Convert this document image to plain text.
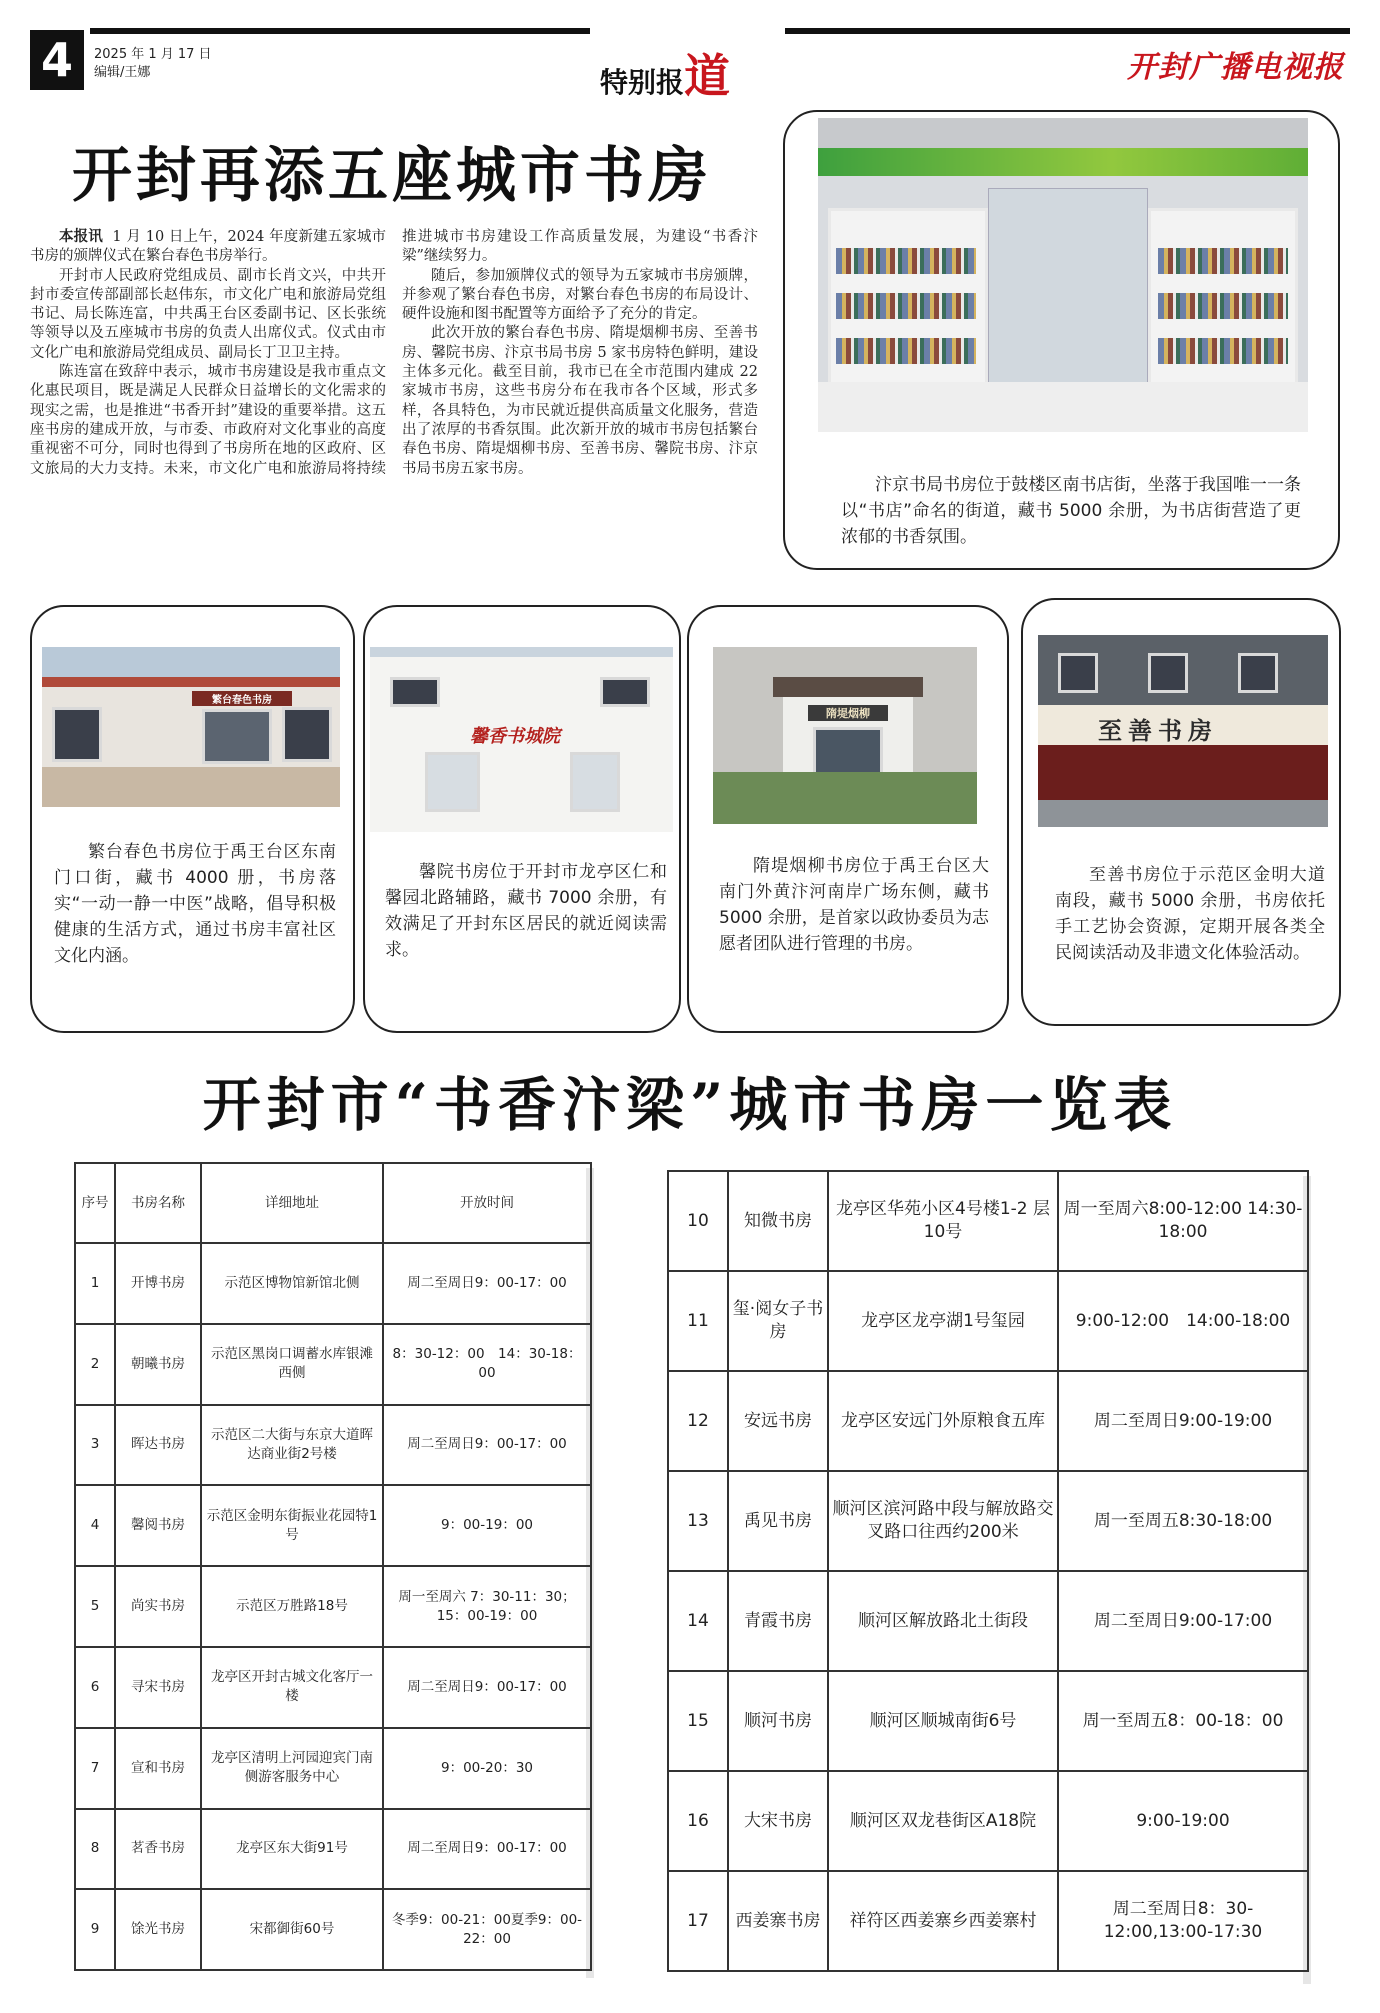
4	2025 年 1 月 17 日
编辑/王娜	特别报道	开封广播电视报
开封再添五座城市书房

本报讯 1 月 10 日上午，2024 年度新建五家城市书房的颁牌仪式在繁台春色书房举行。

开封市人民政府党组成员、副市长肖文兴，中共开封市委宣传部副部长赵伟东，市文化广电和旅游局党组书记、局长陈连富，中共禹王台区委副书记、区长张统等领导以及五座城市书房的负责人出席仪式。仪式由市文化广电和旅游局党组成员、副局长丁卫卫主持。

陈连富在致辞中表示，城市书房建设是我市重点文化惠民项目，既是满足人民群众日益增长的文化需求的现实之需，也是推进“书香开封”建设的重要举措。这五座书房的建成开放，与市委、市政府对文化事业的高度重视密不可分，同时也得到了书房所在地的区政府、区文旅局的大力支持。未来，市文化广电和旅游局将持续推进城市书房建设工作高质量发展，为建设“书香汴梁”继续努力。

随后，参加颁牌仪式的领导为五家城市书房颁牌，并参观了繁台春色书房，对繁台春色书房的布局设计、硬件设施和图书配置等方面给予了充分的肯定。

此次开放的繁台春色书房、隋堤烟柳书房、至善书房、馨院书房、汴京书局书房 5 家书房特色鲜明，建设主体多元化。截至目前，我市已在全市范围内建成 22 家城市书房，这些书房分布在我市各个区域，形式多样，各具特色，为市民就近提供高质量文化服务，营造出了浓厚的书香氛围。此次新开放的城市书房包括繁台春色书房、隋堤烟柳书房、至善书房、馨院书房、汴京书局书房五家书房。

汴京书局书房位于鼓楼区南书店街，坐落于我国唯一一条以“书店”命名的街道，藏书 5000 余册，为书店街营造了更浓郁的书香氛围。
繁台春色书房
繁台春色书房位于禹王台区东南门口街，藏书 4000 册，书房落实“一动一静一中医”战略，倡导积极健康的生活方式，通过书房丰富社区文化内涵。
馨香书城院
馨院书房位于开封市龙亭区仁和馨园北路辅路，藏书 7000 余册，有效满足了开封东区居民的就近阅读需求。
隋堤烟柳
隋堤烟柳书房位于禹王台区大南门外黄汴河南岸广场东侧，藏书 5000 余册，是首家以政协委员为志愿者团队进行管理的书房。
至善书房
至善书房位于示范区金明大道南段，藏书 5000 余册，书房依托手工艺协会资源，定期开展各类全民阅读活动及非遗文化体验活动。
开封市“书香汴梁”城市书房一览表
序号	书房名称	详细地址	开放时间
1	开博书房	示范区博物馆新馆北侧	周二至周日9：00-17：00
2	朝曦书房	示范区黑岗口调蓄水库银滩西侧	8：30-12：00　14：30-18：00
3	晖达书房	示范区二大街与东京大道晖达商业街2号楼	周二至周日9：00-17：00
4	馨阅书房	示范区金明东街振业花园特1号	9：00-19：00
5	尚实书房	示范区万胜路18号	周一至周六 7：30-11：30；15：00-19：00
6	寻宋书房	龙亭区开封古城文化客厅一楼	周二至周日9：00-17：00
7	宣和书房	龙亭区清明上河园迎宾门南侧游客服务中心	9：00-20：30
8	茗香书房	龙亭区东大街91号	周二至周日9：00-17：00
9	馀光书房	宋都御街60号	冬季9：00-21：00夏季9：00-22：00
10	知微书房	龙亭区华苑小区4号楼1-2 层 10号	周一至周六8:00-12:00 14:30-18:00
11	玺·阅女子书房	龙亭区龙亭湖1号玺园	9:00-12:00　14:00-18:00
12	安远书房	龙亭区安远门外原粮食五库	周二至周日9:00-19:00
13	禹见书房	顺河区滨河路中段与解放路交叉路口往西约200米	周一至周五8:30-18:00
14	青霞书房	顺河区解放路北土街段	周二至周日9:00-17:00
15	顺河书房	顺河区顺城南街6号	周一至周五8：00-18：00
16	大宋书房	顺河区双龙巷街区A18院	9:00-19:00
17	西姜寨书房	祥符区西姜寨乡西姜寨村	周二至周日8：30-12:00,13:00-17:30
